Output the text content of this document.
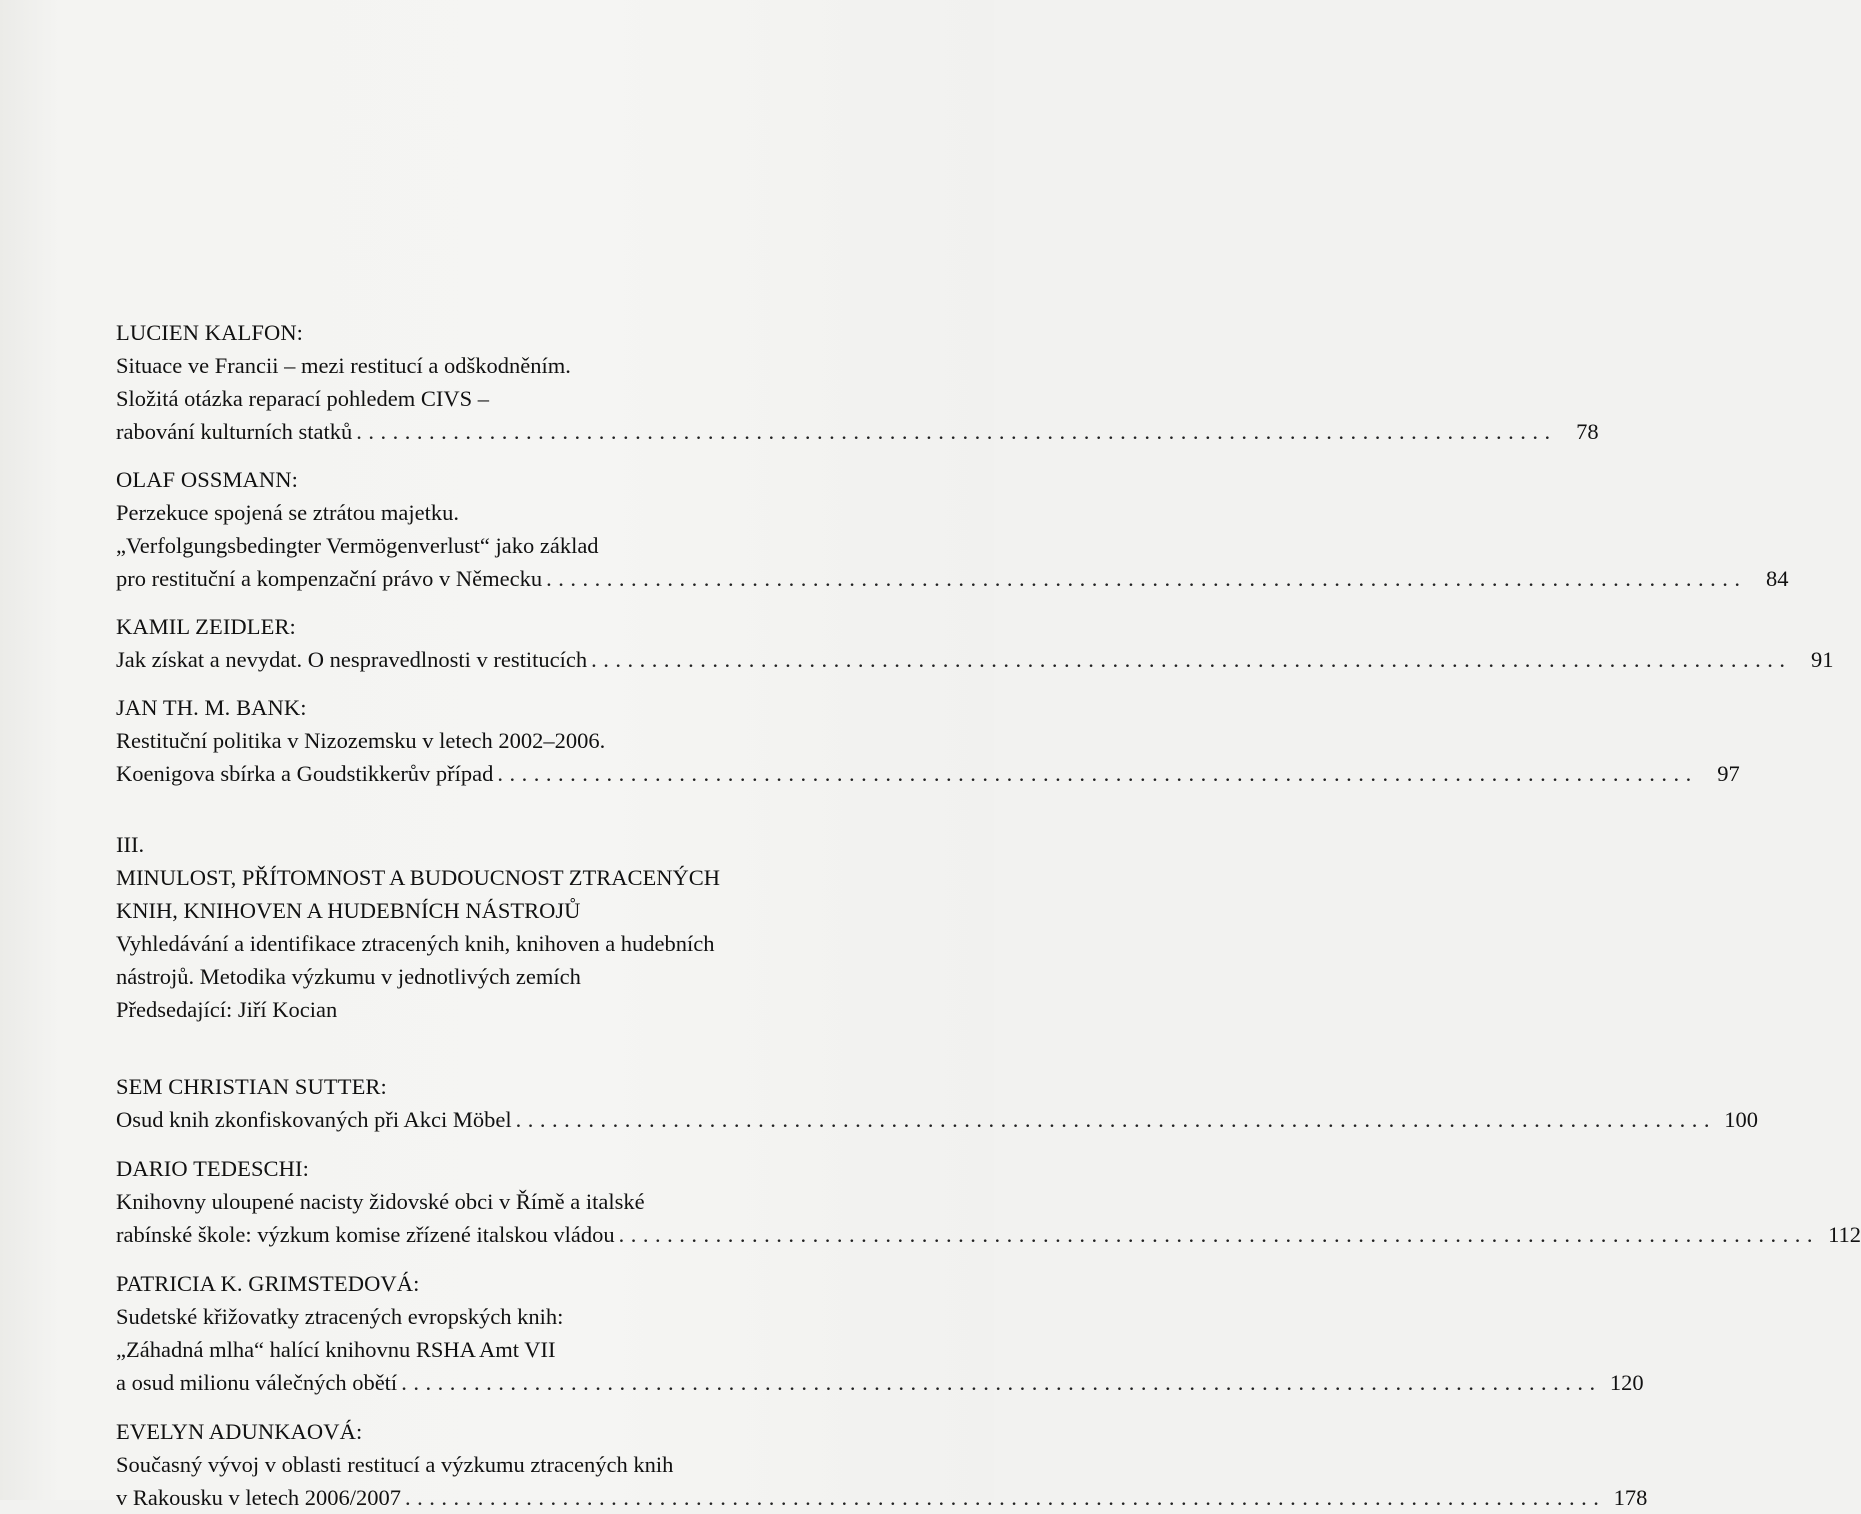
LUCIEN KALFON:
Situace ve Francii – mezi restitucí a odškodněním.
Složitá otázka reparací pohledem CIVS –
rabování kulturních statků ................................................................................................... 78
OLAF OSSMANN:
Perzekuce spojená se ztrátou majetku.
„Verfolgungsbedingter Vermögenverlust“ jako základ
pro restituční a kompenzační právo v Německu ................................................................................................... 84
KAMIL ZEIDLER:
Jak získat a nevydat. O nespravedlnosti v restitucích ................................................................................................... 91
JAN TH. M. BANK:
Restituční politika v Nizozemsku v letech 2002–2006.
Koenigova sbírka a Goudstikkerův případ ................................................................................................... 97
III.
MINULOST, PŘÍTOMNOST A BUDOUCNOST ZTRACENÝCH
KNIH, KNIHOVEN A HUDEBNÍCH NÁSTROJŮ
Vyhledávání a identifikace ztracených knih, knihoven a hudebních
nástrojů. Metodika výzkumu v jednotlivých zemích
Předsedající: Jiří Kocian
SEM CHRISTIAN SUTTER:
Osud knih zkonfiskovaných při Akci Möbel ................................................................................................... 100
DARIO TEDESCHI:
Knihovny uloupené nacisty židovské obci v Římě a italské
rabínské škole: výzkum komise zřízené italskou vládou ................................................................................................... 112
PATRICIA K. GRIMSTEDOVÁ:
Sudetské křižovatky ztracených evropských knih:
„Záhadná mlha“ halící knihovnu RSHA Amt VII
a osud milionu válečných obětí ................................................................................................... 120
EVELYN ADUNKAOVÁ:
Současný vývoj v oblasti restitucí a výzkumu ztracených knih
v Rakousku v letech 2006/2007 ................................................................................................... 178
